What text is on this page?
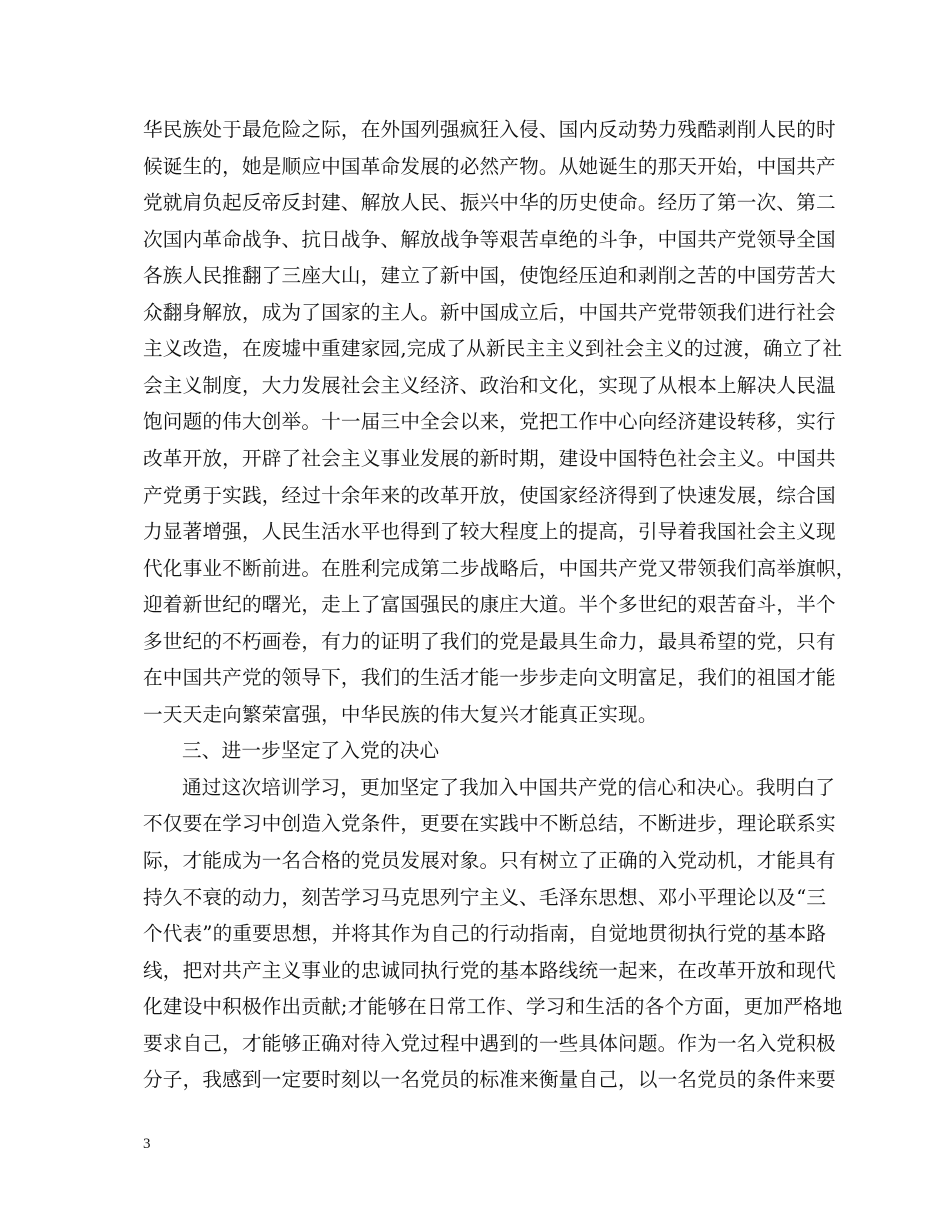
华民族处于最危险之际，在外国列强疯狂入侵、国内反动势力残酷剥削人民的时
候诞生的，她是顺应中国革命发展的必然产物。从她诞生的那天开始，中国共产
党就肩负起反帝反封建、解放人民、振兴中华的历史使命。经历了第一次、第二
次国内革命战争、抗日战争、解放战争等艰苦卓绝的斗争，中国共产党领导全国
各族人民推翻了三座大山，建立了新中国，使饱经压迫和剥削之苦的中国劳苦大
众翻身解放，成为了国家的主人。新中国成立后，中国共产党带领我们进行社会
主义改造，在废墟中重建家园,完成了从新民主主义到社会主义的过渡，确立了社
会主义制度，大力发展社会主义经济、政治和文化，实现了从根本上解决人民温
饱问题的伟大创举。十一届三中全会以来，党把工作中心向经济建设转移，实行
改革开放，开辟了社会主义事业发展的新时期，建设中国特色社会主义。中国共
产党勇于实践，经过十余年来的改革开放，使国家经济得到了快速发展，综合国
力显著增强，人民生活水平也得到了较大程度上的提高，引导着我国社会主义现
代化事业不断前进。在胜利完成第二步战略后，中国共产党又带领我们高举旗帜，
迎着新世纪的曙光，走上了富国强民的康庄大道。半个多世纪的艰苦奋斗，半个
多世纪的不朽画卷，有力的证明了我们的党是最具生命力，最具希望的党，只有
在中国共产党的领导下，我们的生活才能一步步走向文明富足，我们的祖国才能
一天天走向繁荣富强，中华民族的伟大复兴才能真正实现。
三、进一步坚定了入党的决心
通过这次培训学习，更加坚定了我加入中国共产党的信心和决心。我明白了
不仅要在学习中创造入党条件，更要在实践中不断总结，不断进步，理论联系实
际，才能成为一名合格的党员发展对象。只有树立了正确的入党动机，才能具有
持久不衰的动力，刻苦学习马克思列宁主义、毛泽东思想、邓小平理论以及“三
个代表”的重要思想，并将其作为自己的行动指南，自觉地贯彻执行党的基本路
线，把对共产主义事业的忠诚同执行党的基本路线统一起来，在改革开放和现代
化建设中积极作出贡献;才能够在日常工作、学习和生活的各个方面，更加严格地
要求自己，才能够正确对待入党过程中遇到的一些具体问题。作为一名入党积极
分子，我感到一定要时刻以一名党员的标准来衡量自己，以一名党员的条件来要
3
